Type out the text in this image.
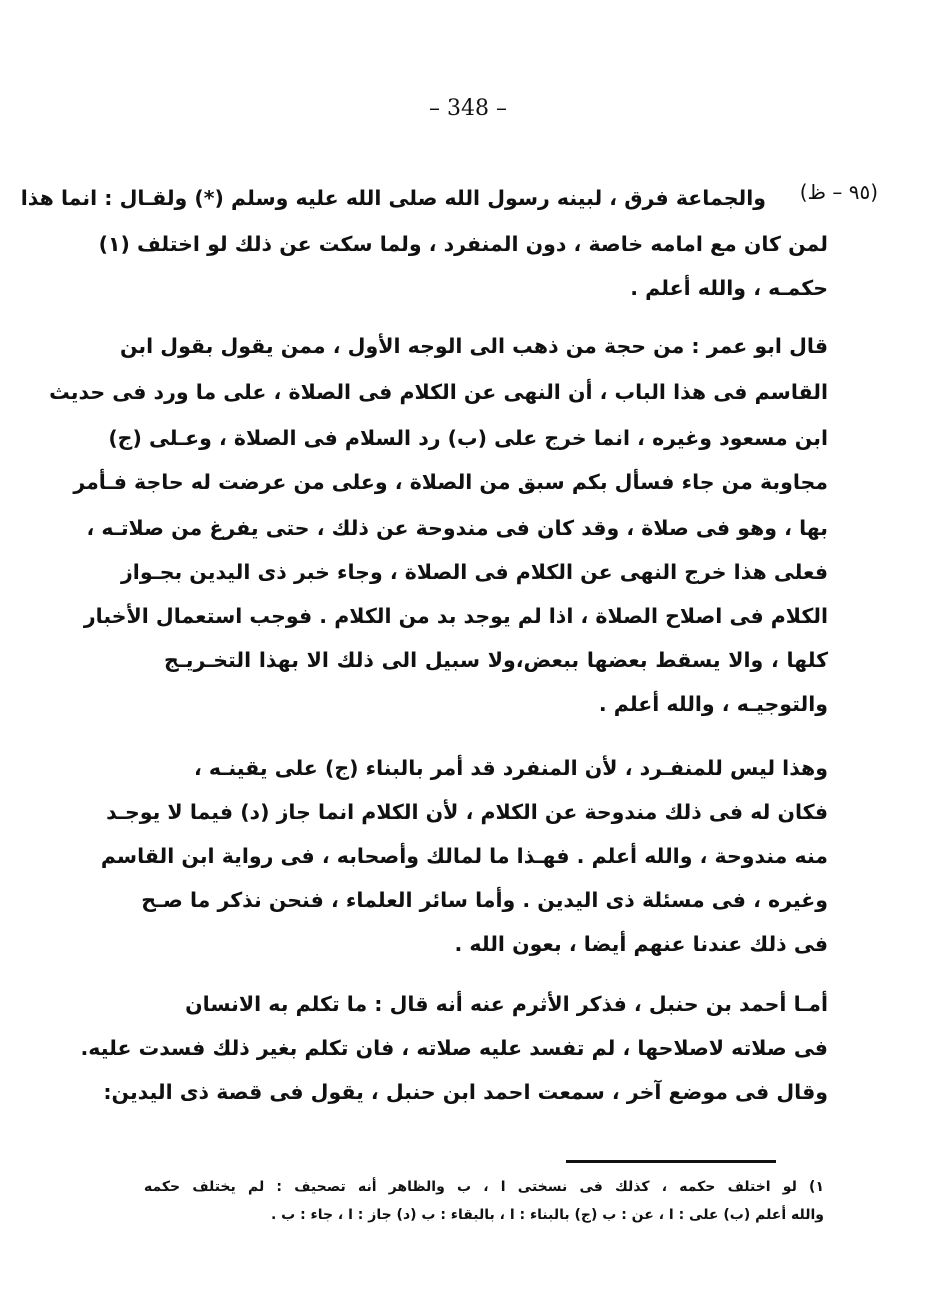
– 348 –
(٩٥ – ظ)
والجماعة فرق ، لبينه رسول الله صلى الله عليه وسلم (*) ولقـال : انما هذا
لمن كان مع امامه خاصة ، دون المنفرد ، ولما سكت عن ذلك لو اختلف (١)
حكمـه ، والله أعلم .
قال ابو عمر : من حجة من ذهب الى الوجه الأول ، ممن يقول بقول ابن
القاسم فى هذا الباب ، أن النهى عن الكلام فى الصلاة ، على ما ورد فى حديث
ابن مسعود وغيره ، انما خرج على (ب) رد السلام فى الصلاة ، وعـلى (ج)
مجاوبة من جاء فسأل بكم سبق من الصلاة ، وعلى من عرضت له حاجة فـأمر
بها ، وهو فى صلاة ، وقد كان فى مندوحة عن ذلك ، حتى يفرغ من صلاتـه ،
فعلى هذا خرج النهى عن الكلام فى الصلاة ، وجاء خبر ذى اليدين بجـواز
الكلام فى اصلاح الصلاة ، اذا لم يوجد بد من الكلام . فوجب استعمال الأخبار
كلها ، والا يسقط بعضها ببعض،ولا سبيل الى ذلك الا بهذا التخـريـج
والتوجيـه ، والله أعلم .
وهذا ليس للمنفـرد ، لأن المنفرد قد أمر بالبناء (ج) على يقينـه ،
فكان له فى ذلك مندوحة عن الكلام ، لأن الكلام انما جاز (د) فيما لا يوجـد
منه مندوحة ، والله أعلم . فهـذا ما لمالك وأصحابه ، فى رواية ابن القاسم
وغيره ، فى مسئلة ذى اليدين . وأما سائر العلماء ، فنحن نذكر ما صـح
فى ذلك عندنا عنهم أيضا ، بعون الله .
أمـا أحمد بن حنبل ، فذكر الأثرم عنه أنه قال : ما تكلم به الانسان
فى صلاته لاصلاحها ، لم تفسد عليه صلاته ، فان تكلم بغير ذلك فسدت عليه.
وقال فى موضع آخر ، سمعت احمد ابن حنبل ، يقول فى قصة ذى اليدين:
١) لو اختلف حكمه ، كذلك فى نسختى ا ، ب والظاهر أنه تصحيف : لم يختلف حكمه
والله أعلم (ب) على : ا ، عن : ب (ج) بالبناء : ا ، بالبقاء : ب (د) جاز : ا ، جاء : ب .
